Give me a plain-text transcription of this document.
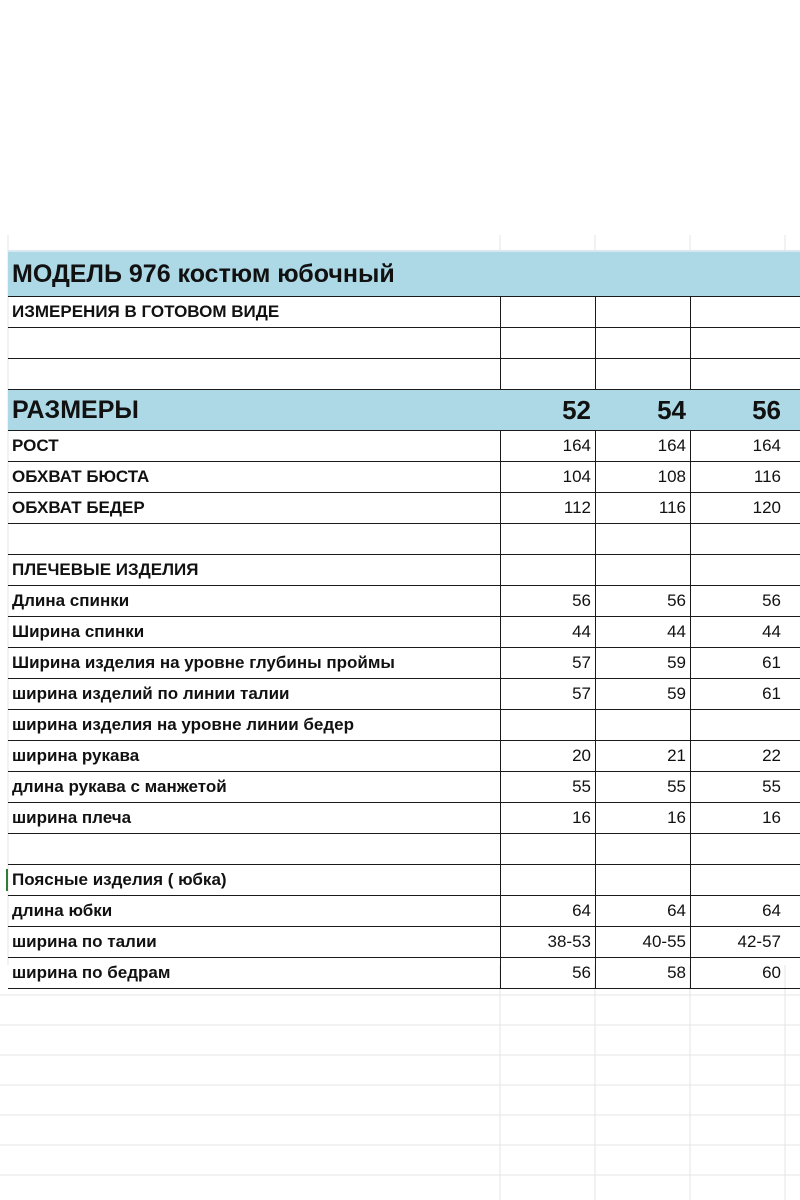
МОДЕЛЬ 976 костюм юбочный
ИЗМЕРЕНИЯ В ГОТОВОМ ВИДЕ
РАЗМЕРЫ	52	54	56
РОСТ	164	164	164
ОБХВАТ БЮСТА	104	108	116
ОБХВАТ БЕДЕР	112	116	120
ПЛЕЧЕВЫЕ ИЗДЕЛИЯ
Длина спинки	56	56	56
Ширина спинки	44	44	44
Ширина изделия на уровне глубины проймы	57	59	61
ширина изделий по линии талии	57	59	61
ширина изделия на уровне линии бедер
ширина рукава	20	21	22
длина рукава с манжетой	55	55	55
ширина плеча	16	16	16
Поясные изделия ( юбка)
длина юбки	64	64	64
ширина по талии	38-53	40-55	42-57
ширина по бедрам	56	58	60
